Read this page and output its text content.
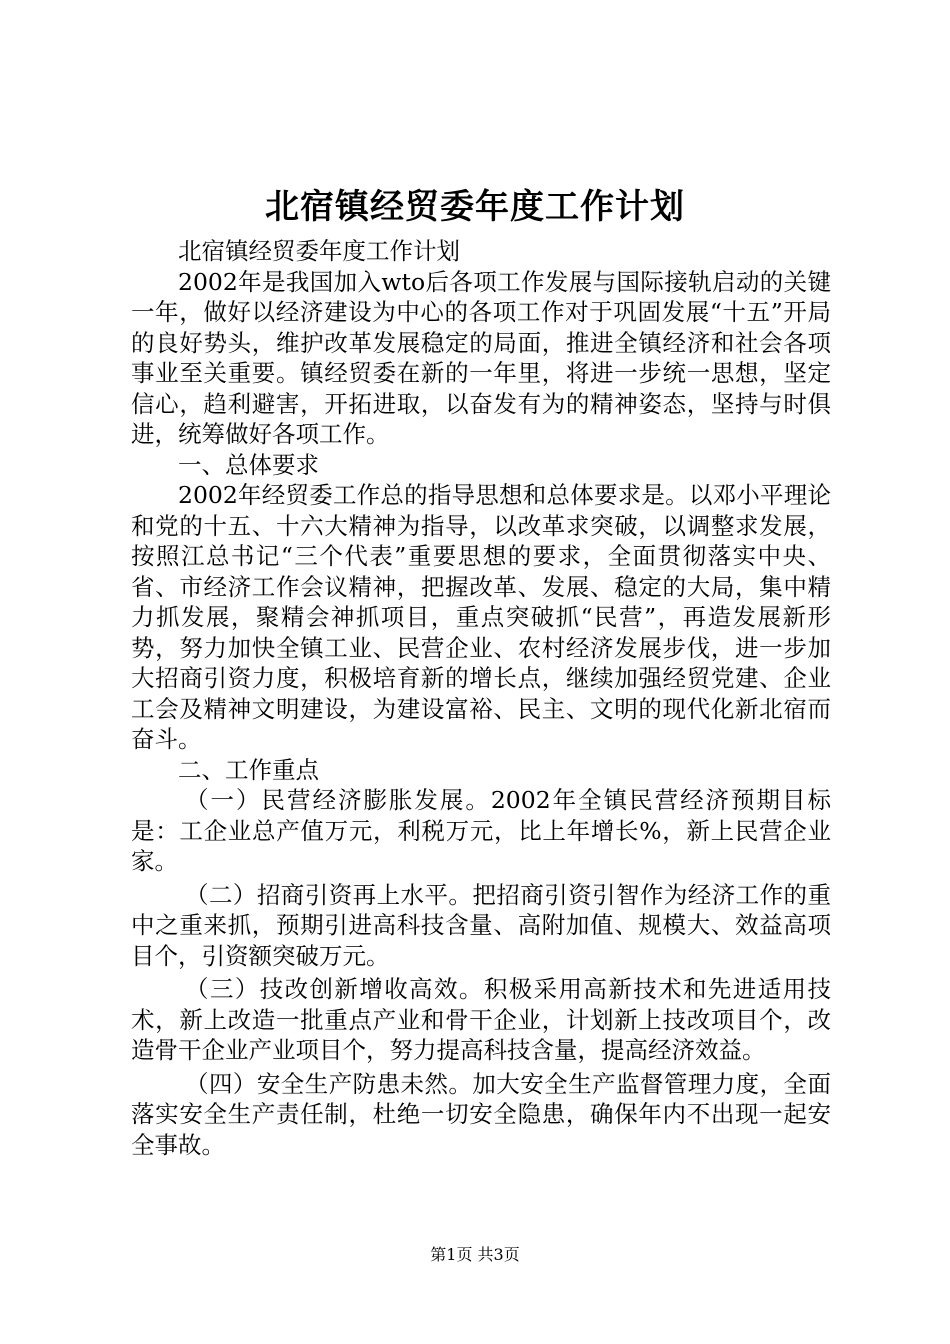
北宿镇经贸委年度工作计划

北宿镇经贸委年度工作计划

2002年是我国加入wto后各项工作发展与国际接轨启动的关键一年，做好以经济建设为中心的各项工作对于巩固发展“十五”开局的良好势头，维护改革发展稳定的局面，推进全镇经济和社会各项事业至关重要。镇经贸委在新的一年里，将进一步统一思想，坚定信心，趋利避害，开拓进取，以奋发有为的精神姿态，坚持与时俱进，统筹做好各项工作。

一、总体要求

2002年经贸委工作总的指导思想和总体要求是。以邓小平理论和党的十五、十六大精神为指导，以改革求突破，以调整求发展，按照江总书记“三个代表”重要思想的要求，全面贯彻落实中央、省、市经济工作会议精神，把握改革、发展、稳定的大局，集中精力抓发展，聚精会神抓项目，重点突破抓“民营”，再造发展新形势，努力加快全镇工业、民营企业、农村经济发展步伐，进一步加大招商引资力度，积极培育新的增长点，继续加强经贸党建、企业工会及精神文明建设，为建设富裕、民主、文明的现代化新北宿而奋斗。

二、工作重点

（一）民营经济膨胀发展。2002年全镇民营经济预期目标是：工企业总产值万元，利税万元，比上年增长%，新上民营企业家。

（二）招商引资再上水平。把招商引资引智作为经济工作的重中之重来抓，预期引进高科技含量、高附加值、规模大、效益高项目个，引资额突破万元。

（三）技改创新增收高效。积极采用高新技术和先进适用技术，新上改造一批重点产业和骨干企业，计划新上技改项目个，改造骨干企业产业项目个，努力提高科技含量，提高经济效益。

（四）安全生产防患未然。加大安全生产监督管理力度，全面落实安全生产责任制，杜绝一切安全隐患，确保年内不出现一起安全事故。

第1页 共3页
